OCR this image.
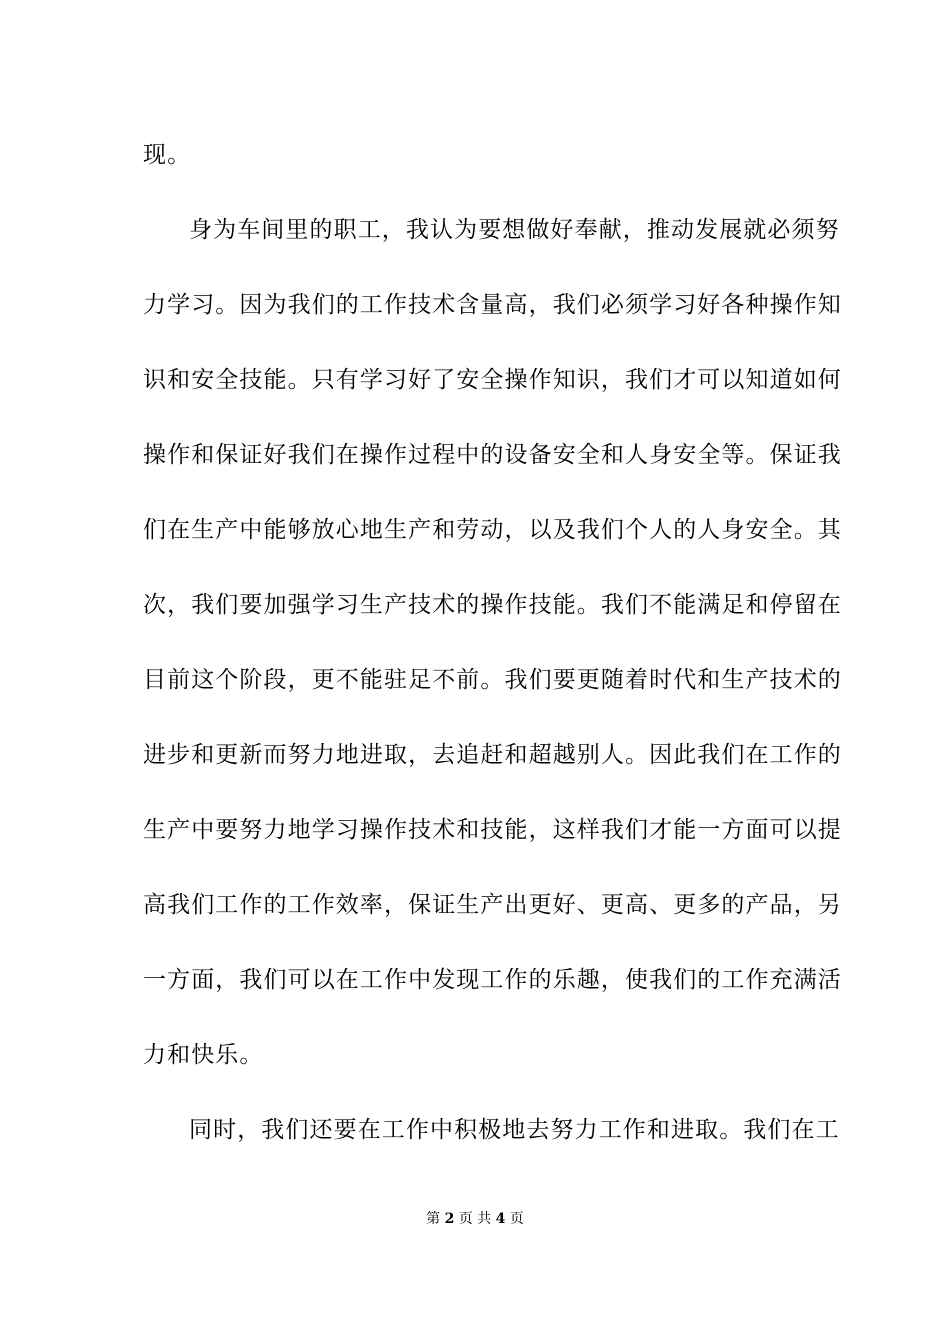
现。

身为车间里的职工，我认为要想做好奉献，推动发展就必须努

力学习。因为我们的工作技术含量高，我们必须学习好各种操作知

识和安全技能。只有学习好了安全操作知识，我们才可以知道如何

操作和保证好我们在操作过程中的设备安全和人身安全等。保证我

们在生产中能够放心地生产和劳动，以及我们个人的人身安全。其

次，我们要加强学习生产技术的操作技能。我们不能满足和停留在

目前这个阶段，更不能驻足不前。我们要更随着时代和生产技术的

进步和更新而努力地进取，去追赶和超越别人。因此我们在工作的

生产中要努力地学习操作技术和技能，这样我们才能一方面可以提

高我们工作的工作效率，保证生产出更好、更高、更多的产品，另

一方面，我们可以在工作中发现工作的乐趣，使我们的工作充满活

力和快乐。

同时，我们还要在工作中积极地去努力工作和进取。我们在工

第 2 页 共 4 页
